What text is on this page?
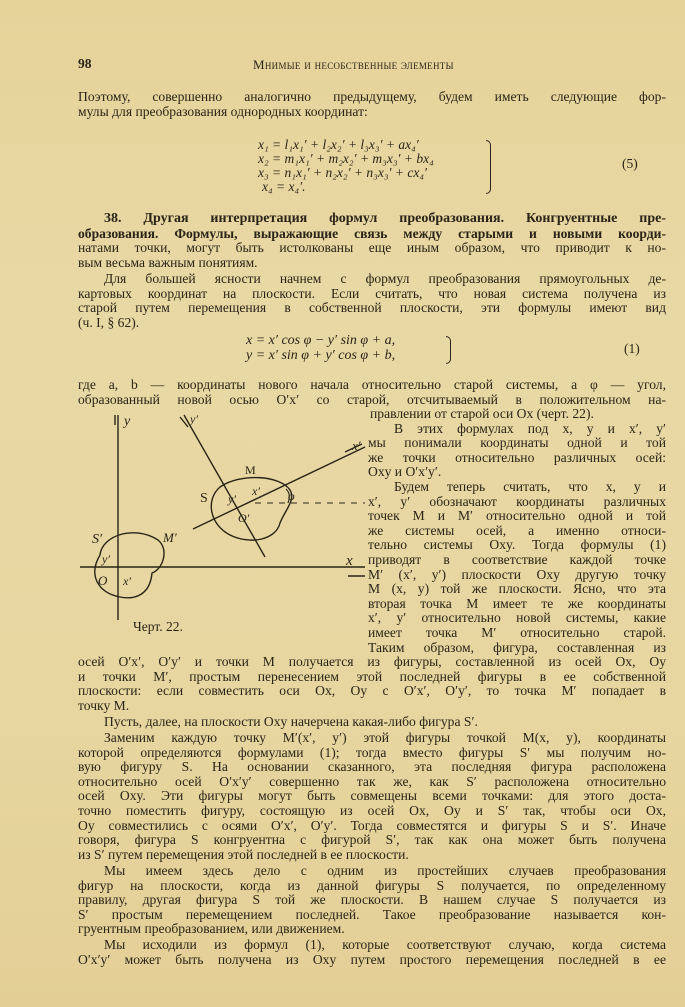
98	Мнимые и несобственные элементы
Поэтому, совершенно аналогично предыдущему, будем иметь следующие фор-
мулы для преобразования однородных координат:
x₁ = l₁x₁′ + l₂x₂′ + l₃x₃′ + ax₄′
x₂ = m₁x₁′ + m₂x₂′ + m₃x₃′ + bx₄
x₃ = n₁x₁′ + n₂x₂′ + n₃x₃′ + cx₄′
x₄ = x₄′.
(5)
38. Другая интерпретация формул преобразования. Конгруентные пре-
образования. Формулы, выражающие связь между старыми и новыми коорди-
натами точки, могут быть истолкованы еще иным образом, что приводит к но-
вым весьма важным понятиям.
Для большей ясности начнем с формул преобразования прямоугольных де-
картовых координат на плоскости. Если считать, что новая система получена из
старой путем перемещения в собственной плоскости, эти формулы имеют вид
(ч. I, § 62).
x = x′ cos φ − y′ sin φ + a,
y = x′ sin φ + y′ cos φ + b,	(1)
где a, b — координаты нового начала относительно старой системы, а φ — угол,
образованный новой осью O′x′ со старой, отсчитываемый в положительном на-
y	y′
x′
x
O
O′
S′
S
M
M′
φ
x′
y′
y′
x′
Черт. 22.
правлении от старой оси Ox (черт. 22).
В этих формулах под x, y и x′, y′
мы понимали координаты одной и той
же точки относительно различных осей:
Oxy и O′x′y′.
Будем теперь считать, что x, y и
x′, y′ обозначают координаты различных
точек M и M′ относительно одной и той
же системы осей, а именно относи-
тельно системы Oxy. Тогда формулы (1)
приводят в соответствие каждой точке
M′ (x′, y′) плоскости Oxy другую точку
M (x, y) той же плоскости. Ясно, что эта
вторая точка M имеет те же координаты
x′, y′ относительно новой системы, какие
имеет точка M′ относительно старой.
Таким образом, фигура, составленная из
осей O′x′, O′y′ и точки M получается из фигуры, составленной из осей Ox, Oy
и точки M′, простым перенесением этой последней фигуры в ее собственной
плоскости: если совместить оси Ox, Oy с O′x′, O′y′, то точка M′ попадает в
точку M.
Пусть, далее, на плоскости Oxy начерчена какая-либо фигура S′.
Заменим каждую точку M′(x′, y′) этой фигуры точкой M(x, y), координаты
которой определяются формулами (1); тогда вместо фигуры S′ мы получим но-
вую фигуру S. На основании сказанного, эта последняя фигура расположена
относительно осей O′x′y′ совершенно так же, как S′ расположена относительно
осей Oxy. Эти фигуры могут быть совмещены всеми точками: для этого доста-
точно поместить фигуру, состоящую из осей Ox, Oy и S′ так, чтобы оси Ox,
Oy совместились с осями O′x′, O′y′. Тогда совместятся и фигуры S и S′. Иначе
говоря, фигура S конгруентна с фигурой S′, так как она может быть получена
из S′ путем перемещения этой последней в ее плоскости.
Мы имеем здесь дело с одним из простейших случаев преобразования
фигур на плоскости, когда из данной фигуры S получается, по определенному
правилу, другая фигура S той же плоскости. В нашем случае S получается из
S′ простым перемещением последней. Такое преобразование называется кон-
груентным преобразованием, или движением.
Мы исходили из формул (1), которые соответствуют случаю, когда система
O′x′y′ может быть получена из Oxy путем простого перемещения последней в ее
